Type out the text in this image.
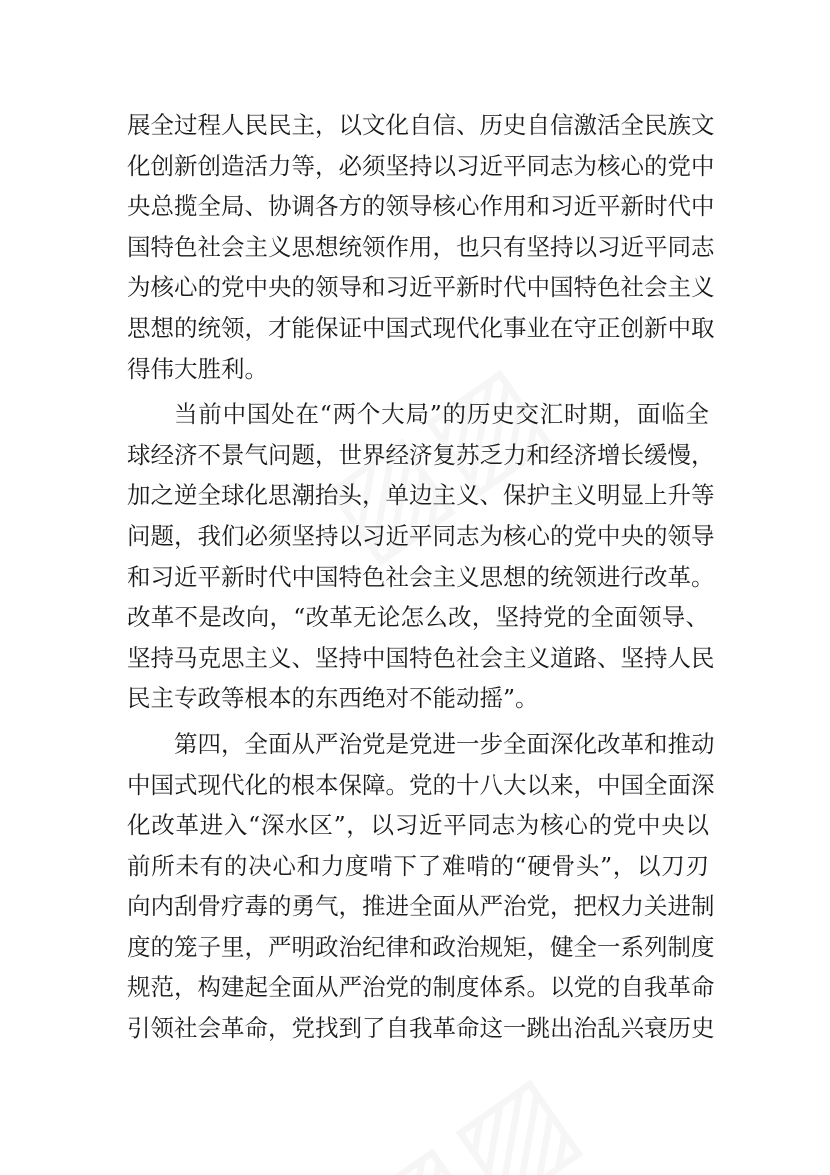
展全过程人民民主，以文化自信、历史自信激活全民族文
化创新创造活力等，必须坚持以习近平同志为核心的党中
央总揽全局、协调各方的领导核心作用和习近平新时代中
国特色社会主义思想统领作用，也只有坚持以习近平同志
为核心的党中央的领导和习近平新时代中国特色社会主义
思想的统领，才能保证中国式现代化事业在守正创新中取
得伟大胜利。
当前中国处在“两个大局”的历史交汇时期，面临全
球经济不景气问题，世界经济复苏乏力和经济增长缓慢，
加之逆全球化思潮抬头，单边主义、保护主义明显上升等
问题，我们必须坚持以习近平同志为核心的党中央的领导
和习近平新时代中国特色社会主义思想的统领进行改革。
改革不是改向，“改革无论怎么改，坚持党的全面领导、
坚持马克思主义、坚持中国特色社会主义道路、坚持人民
民主专政等根本的东西绝对不能动摇”。
第四，全面从严治党是党进一步全面深化改革和推动
中国式现代化的根本保障。党的十八大以来，中国全面深
化改革进入“深水区”，以习近平同志为核心的党中央以
前所未有的决心和力度啃下了难啃的“硬骨头”，以刀刃
向内刮骨疗毒的勇气，推进全面从严治党，把权力关进制
度的笼子里，严明政治纪律和政治规矩，健全一系列制度
规范，构建起全面从严治党的制度体系。以党的自我革命
引领社会革命，党找到了自我革命这一跳出治乱兴衰历史
